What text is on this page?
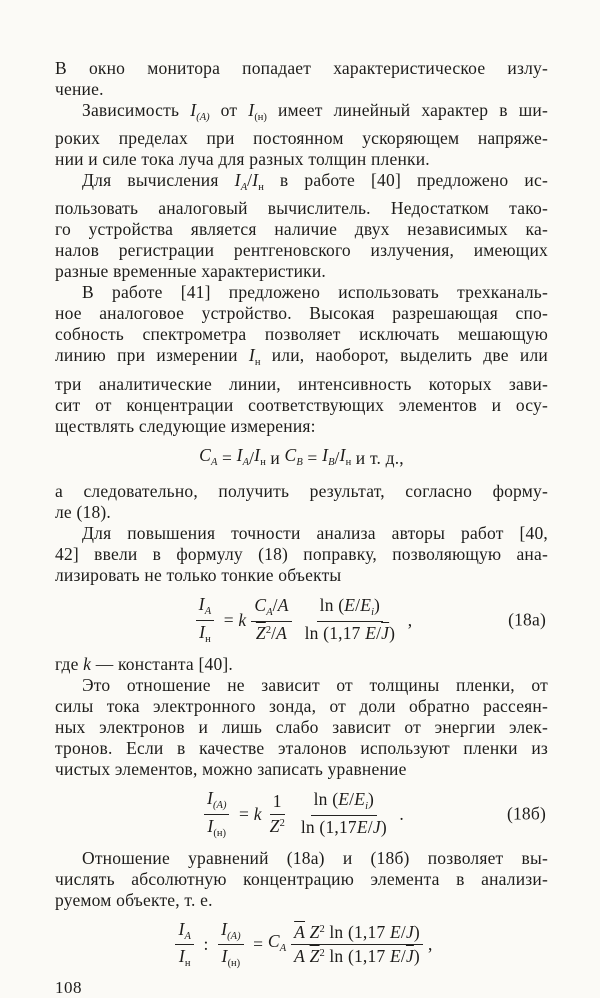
В окно монитора попадает характеристическое излу-
чение.
Зависимость $I_{(A)}$ от $I_{(н)}$ имеет линейный характер в ши-
роких пределах при постоянном ускоряющем напряже-
нии и силе тока луча для разных толщин пленки.
Для вычисления $I_A/I_н$ в работе [40] предложено ис-
пользовать аналоговый вычислитель. Недостатком тако-
го устройства является наличие двух независимых ка-
налов регистрации рентгеновского излучения, имеющих
разные временные характеристики.
В работе [41] предложено использовать трехканаль-
ное аналоговое устройство. Высокая разрешающая спо-
собность спектрометра позволяет исключать мешающую
линию при измерении $I_н$ или, наоборот, выделить две или
три аналитические линии, интенсивность которых зави-
сит от концентрации соответствующих элементов и осу-
ществлять следующие измерения:
$C_A = I_A / I_н$ и $C_B = I_B / I_н$ и т. д.,
а следовательно, получить результат, согласно форму-
ле (18).
Для повышения точности анализа авторы работ [40,
42] ввели в формулу (18) поправку, позволяющую ана-
лизировать не только тонкие объекты
$\frac{I_A}{I_н} = k \frac{C_A/A}{\overline{Z}^2/A} \frac{\ln (E/E_i)}{\ln (1,17 E/\overline{J})}$ ,	(18а)
где k — константа [40].
Это отношение не зависит от толщины пленки, от
силы тока электронного зонда, от доли обратно рассеян-
ных электронов и лишь слабо зависит от энергии элек-
тронов. Если в качестве эталонов используют пленки из
чистых элементов, можно записать уравнение
$\frac{I_{(A)}}{I_{(н)}} = k \frac{1}{Z^2} \frac{\ln (E/E_i)}{\ln (1,17E/J)}$ .	(18б)
Отношение уравнений (18а) и (18б) позволяет вы-
числять абсолютную концентрацию элемента в анализи-
руемом объекте, т. е.
$\frac{I_A}{I_н}$ : $\frac{I_{(A)}}{I_{(н)}} = C_A \frac{\overline{A} Z^2 \ln (1,17 E/J)}{A \overline{Z}^2 \ln (1,17 E/\overline{J})}$ ,
108
